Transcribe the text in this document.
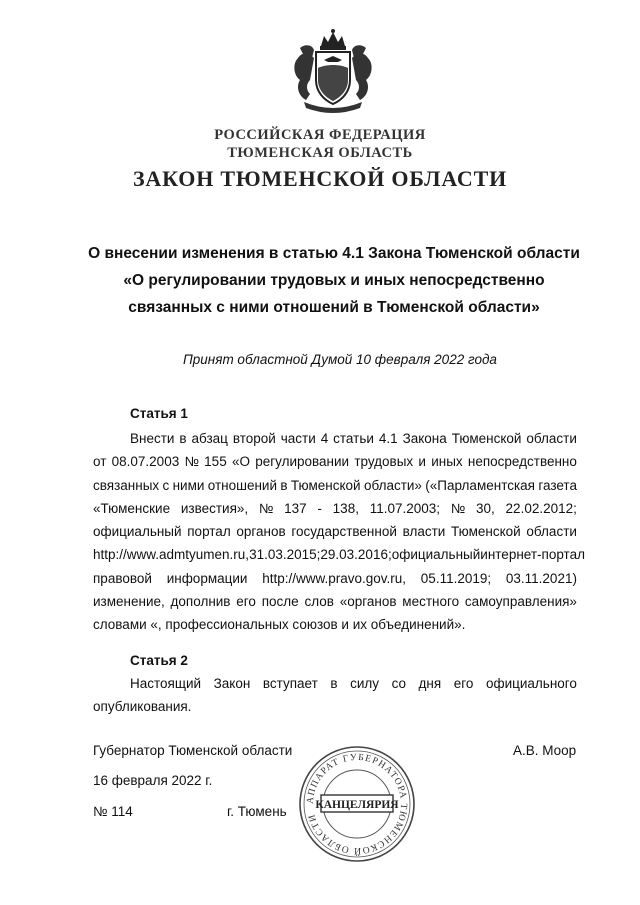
РОССИЙСКАЯ ФЕДЕРАЦИЯ
ТЮМЕНСКАЯ ОБЛАСТЬ
ЗАКОН ТЮМЕНСКОЙ ОБЛАСТИ
О внесении изменения в статью 4.1 Закона Тюменской области
«О регулировании трудовых и иных непосредственно
связанных с ними отношений в Тюменской области»
Принят областной Думой 10 февраля 2022 года
Статья 1
Внести в абзац второй части 4 статьи 4.1 Закона Тюменской области
от 08.07.2003 № 155 «О регулировании трудовых и иных непосредственно
связанных с ними отношений в Тюменской области» («Парламентская газета
«Тюменские известия», № 137 - 138, 11.07.2003; № 30, 22.02.2012;
официальный портал органов государственной власти Тюменской области
http://www.admtyumen.ru, 31.03.2015; 29.03.2016; официальный интернет-портал
правовой информации http://www.pravo.gov.ru, 05.11.2019; 03.11.2021)
изменение, дополнив его после слов «органов местного самоуправления»
словами «, профессиональных союзов и их объединений».
Статья 2
Настоящий Закон вступает в силу со дня его официального
опубликования.
Губернатор Тюменской области	А.В. Моор
16 февраля 2022 г.
№ 114	г. Тюмень
АППАРАТ ГУБЕРНАТОРА ТЮМЕНСКОЙ ОБЛАСТИ
КАНЦЕЛЯРИЯ
